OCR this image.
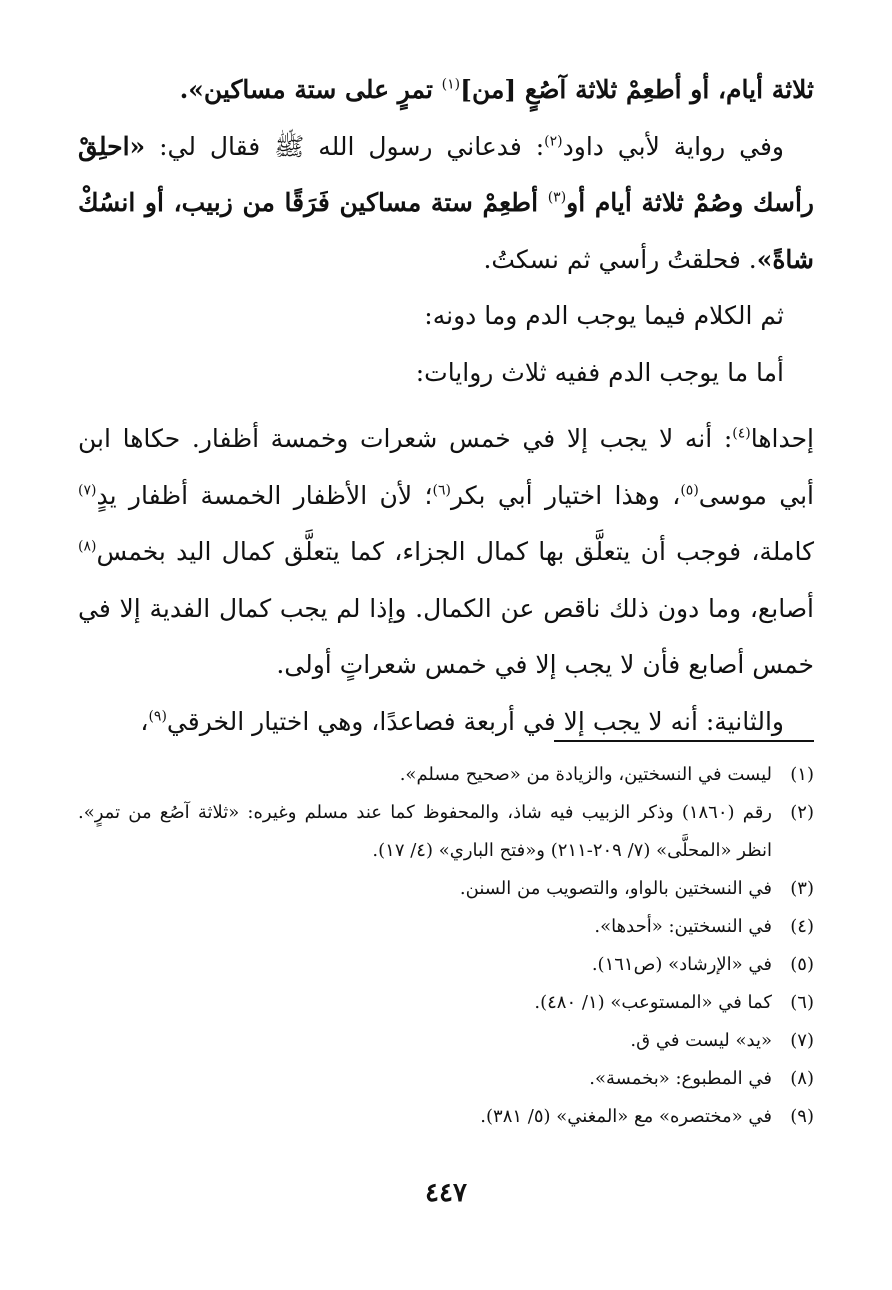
ثلاثة أيام، أو أطعِمْ ثلاثة آصُعٍ [من]$^{(١)}$ تمرٍ على ستة مساكين».

وفي رواية لأبي داود$^{(٢)}$: فدعاني رسول الله ﷺ فقال لي: «احلِقْ رأسك وصُمْ ثلاثة أيام أو$^{(٣)}$ أطعِمْ ستة مساكين فَرَقًا من زبيب، أو انسُكْ شاةً». فحلقتُ رأسي ثم نسكتُ.

ثم الكلام فيما يوجب الدم وما دونه:

أما ما يوجب الدم ففيه ثلاث روايات:

إحداها$^{(٤)}$: أنه لا يجب إلا في خمس شعرات وخمسة أظفار. حكاها ابن أبي موسى$^{(٥)}$، وهذا اختيار أبي بكر$^{(٦)}$؛ لأن الأظفار الخمسة أظفار يدٍ$^{(٧)}$ كاملة، فوجب أن يتعلَّق بها كمال الجزاء، كما يتعلَّق كمال اليد بخمس$^{(٨)}$ أصابع، وما دون ذلك ناقص عن الكمال. وإذا لم يجب كمال الفدية إلا في خمس أصابع فأن لا يجب إلا في خمس شعراتٍ أولى.

والثانية: أنه لا يجب إلا في أربعة فصاعدًا، وهي اختيار الخرقي$^{(٩)}$،

(١)
ليست في النسختين، والزيادة من «صحيح مسلم».
(٢)
رقم (١٨٦٠) وذكر الزبيب فيه شاذ، والمحفوظ كما عند مسلم وغيره: «ثلاثة آصُع من تمرٍ». انظر «المحلَّى» (٧/ ٢٠٩-٢١١) و«فتح الباري» (٤/ ١٧).
(٣)
في النسختين بالواو، والتصويب من السنن.
(٤)
في النسختين: «أحدها».
(٥)
في «الإرشاد» (ص١٦١).
(٦)
كما في «المستوعب» (١/ ٤٨٠).
(٧)
«يد» ليست في ق.
(٨)
في المطبوع: «بخمسة».
(٩)
في «مختصره» مع «المغني» (٥/ ٣٨١).
٤٤٧
